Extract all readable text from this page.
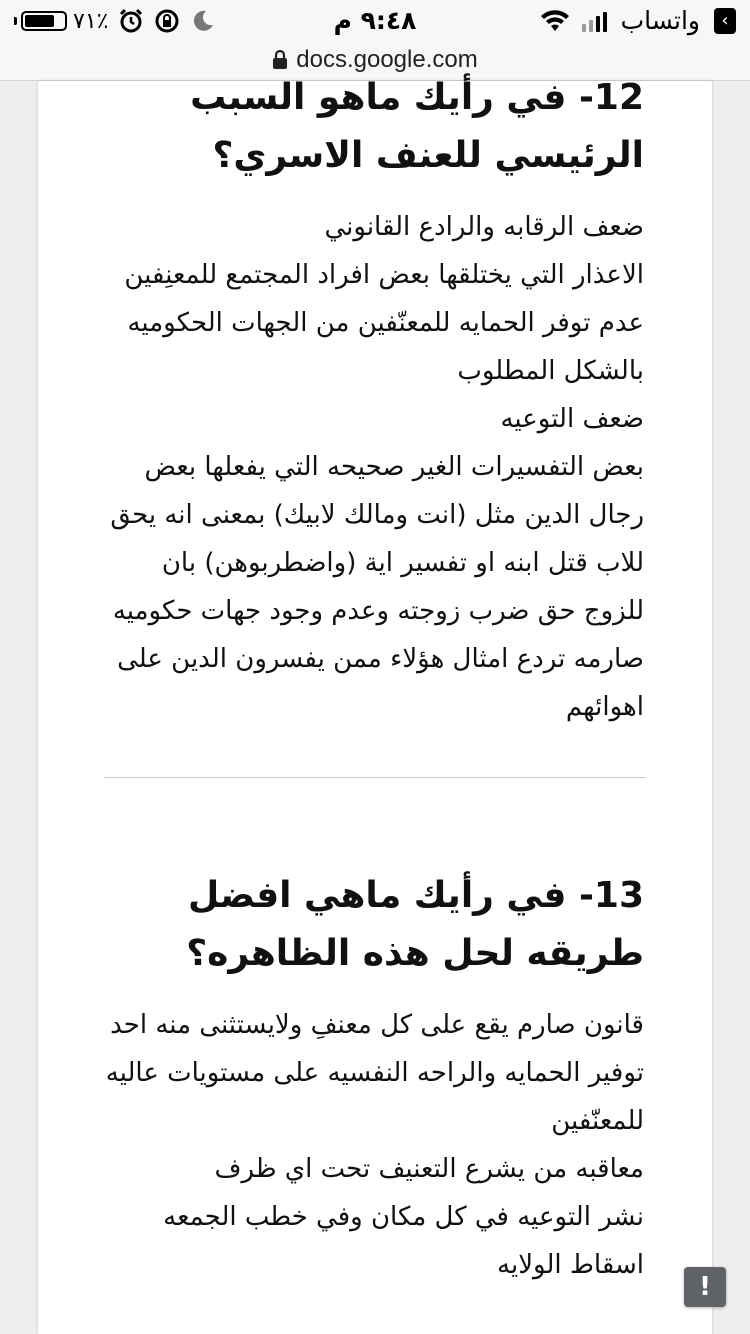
واتساب	‹
٩:٤٨ م
٧١٪
docs.google.com
12- في رأيك ماهو السبب الرئيسي للعنف الاسري؟
ضعف الرقابه والرادع القانوني
الاعذار التي يختلقها بعض افراد المجتمع للمعنِفين
عدم توفر الحمايه للمعنّفين من الجهات الحكوميه بالشكل المطلوب
ضعف التوعيه
بعض التفسيرات الغير صحيحه التي يفعلها بعض رجال الدين مثل (انت ومالك لابيك) بمعنى انه يحق للاب قتل ابنه او تفسير اية (واضطربوهن) بان للزوج حق ضرب زوجته وعدم وجود جهات حكوميه صارمه تردع امثال هؤلاء ممن يفسرون الدين على اهوائهم
13- في رأيك ماهي افضل طريقه لحل هذه الظاهره؟
قانون صارم يقع على كل معنفِ ولايستثنى منه احد
توفير الحمايه والراحه النفسيه على مستويات عاليه للمعنّفين
معاقبه من يشرع التعنيف تحت اي ظرف
نشر التوعيه في كل مكان وفي خطب الجمعه
اسقاط الولايه
!
